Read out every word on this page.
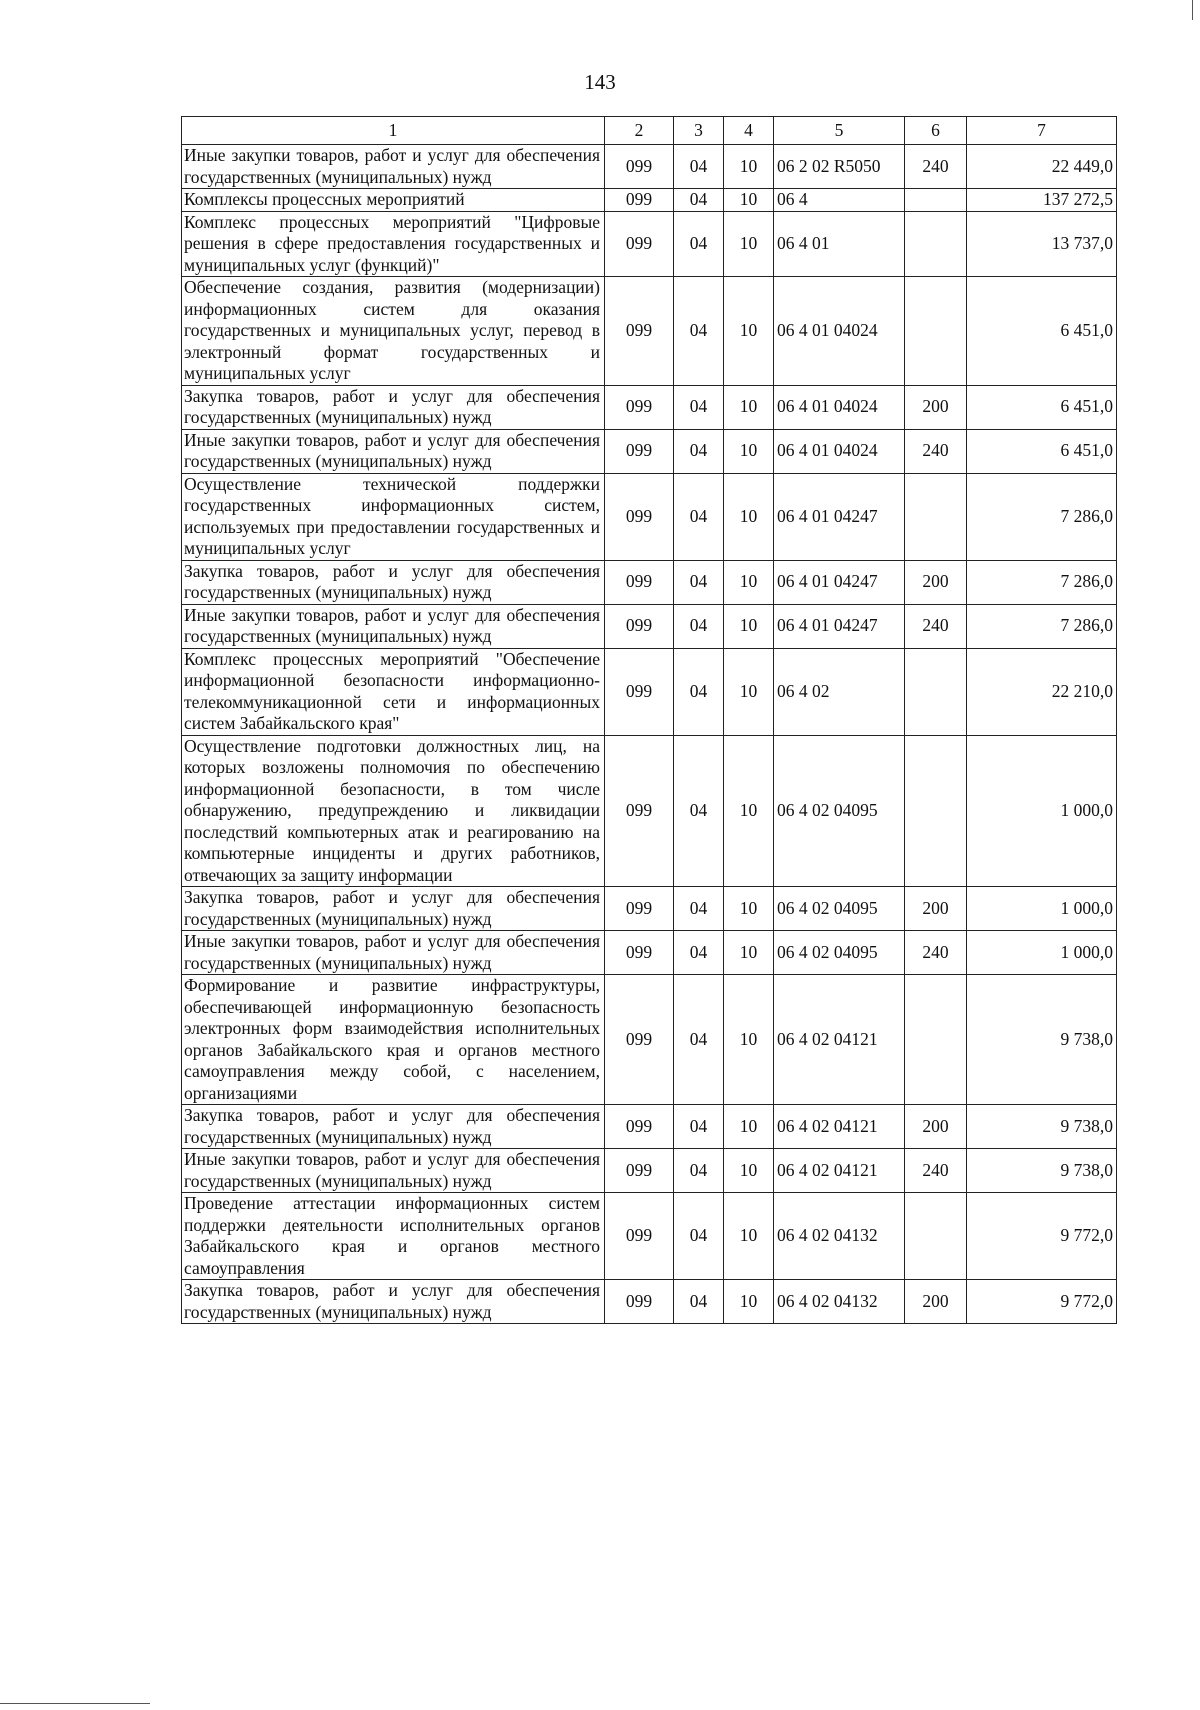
143
1	2	3	4	5	6	7
Иные закупки товаров, работ и услуг для обеспечения государственных (муниципальных) нужд	099	04	10	06 2 02 R5050	240	22 449,0
Комплексы процессных мероприятий	099	04	10	06 4		137 272,5
Комплекс процессных мероприятий "Цифровые решения в сфере предоставления государственных и муниципальных услуг (функций)"	099	04	10	06 4 01		13 737,0
Обеспечение создания, развития (модернизации) информационных систем для оказания государственных и муниципальных услуг, перевод в электронный формат государственных и муниципальных услуг	099	04	10	06 4 01 04024		6 451,0
Закупка товаров, работ и услуг для обеспечения государственных (муниципальных) нужд	099	04	10	06 4 01 04024	200	6 451,0
Иные закупки товаров, работ и услуг для обеспечения государственных (муниципальных) нужд	099	04	10	06 4 01 04024	240	6 451,0
Осуществление технической поддержки государственных информационных систем, используемых при предоставлении государственных и муниципальных услуг	099	04	10	06 4 01 04247		7 286,0
Закупка товаров, работ и услуг для обеспечения государственных (муниципальных) нужд	099	04	10	06 4 01 04247	200	7 286,0
Иные закупки товаров, работ и услуг для обеспечения государственных (муниципальных) нужд	099	04	10	06 4 01 04247	240	7 286,0
Комплекс процессных мероприятий "Обеспечение информационной безопасности информационно-телекоммуникационной сети и информационных систем Забайкальского края"	099	04	10	06 4 02		22 210,0
Осуществление подготовки должностных лиц, на которых возложены полномочия по обеспечению информационной безопасности, в том числе обнаружению, предупреждению и ликвидации последствий компьютерных атак и реагированию на компьютерные инциденты и других работников, отвечающих за защиту информации	099	04	10	06 4 02 04095		1 000,0
Закупка товаров, работ и услуг для обеспечения государственных (муниципальных) нужд	099	04	10	06 4 02 04095	200	1 000,0
Иные закупки товаров, работ и услуг для обеспечения государственных (муниципальных) нужд	099	04	10	06 4 02 04095	240	1 000,0
Формирование и развитие инфраструктуры, обеспечивающей информационную безопасность электронных форм взаимодействия исполнительных органов Забайкальского края и органов местного самоуправления между собой, с населением, организациями	099	04	10	06 4 02 04121		9 738,0
Закупка товаров, работ и услуг для обеспечения государственных (муниципальных) нужд	099	04	10	06 4 02 04121	200	9 738,0
Иные закупки товаров, работ и услуг для обеспечения государственных (муниципальных) нужд	099	04	10	06 4 02 04121	240	9 738,0
Проведение аттестации информационных систем поддержки деятельности исполнительных органов Забайкальского края и органов местного самоуправления	099	04	10	06 4 02 04132		9 772,0
Закупка товаров, работ и услуг для обеспечения государственных (муниципальных) нужд	099	04	10	06 4 02 04132	200	9 772,0
